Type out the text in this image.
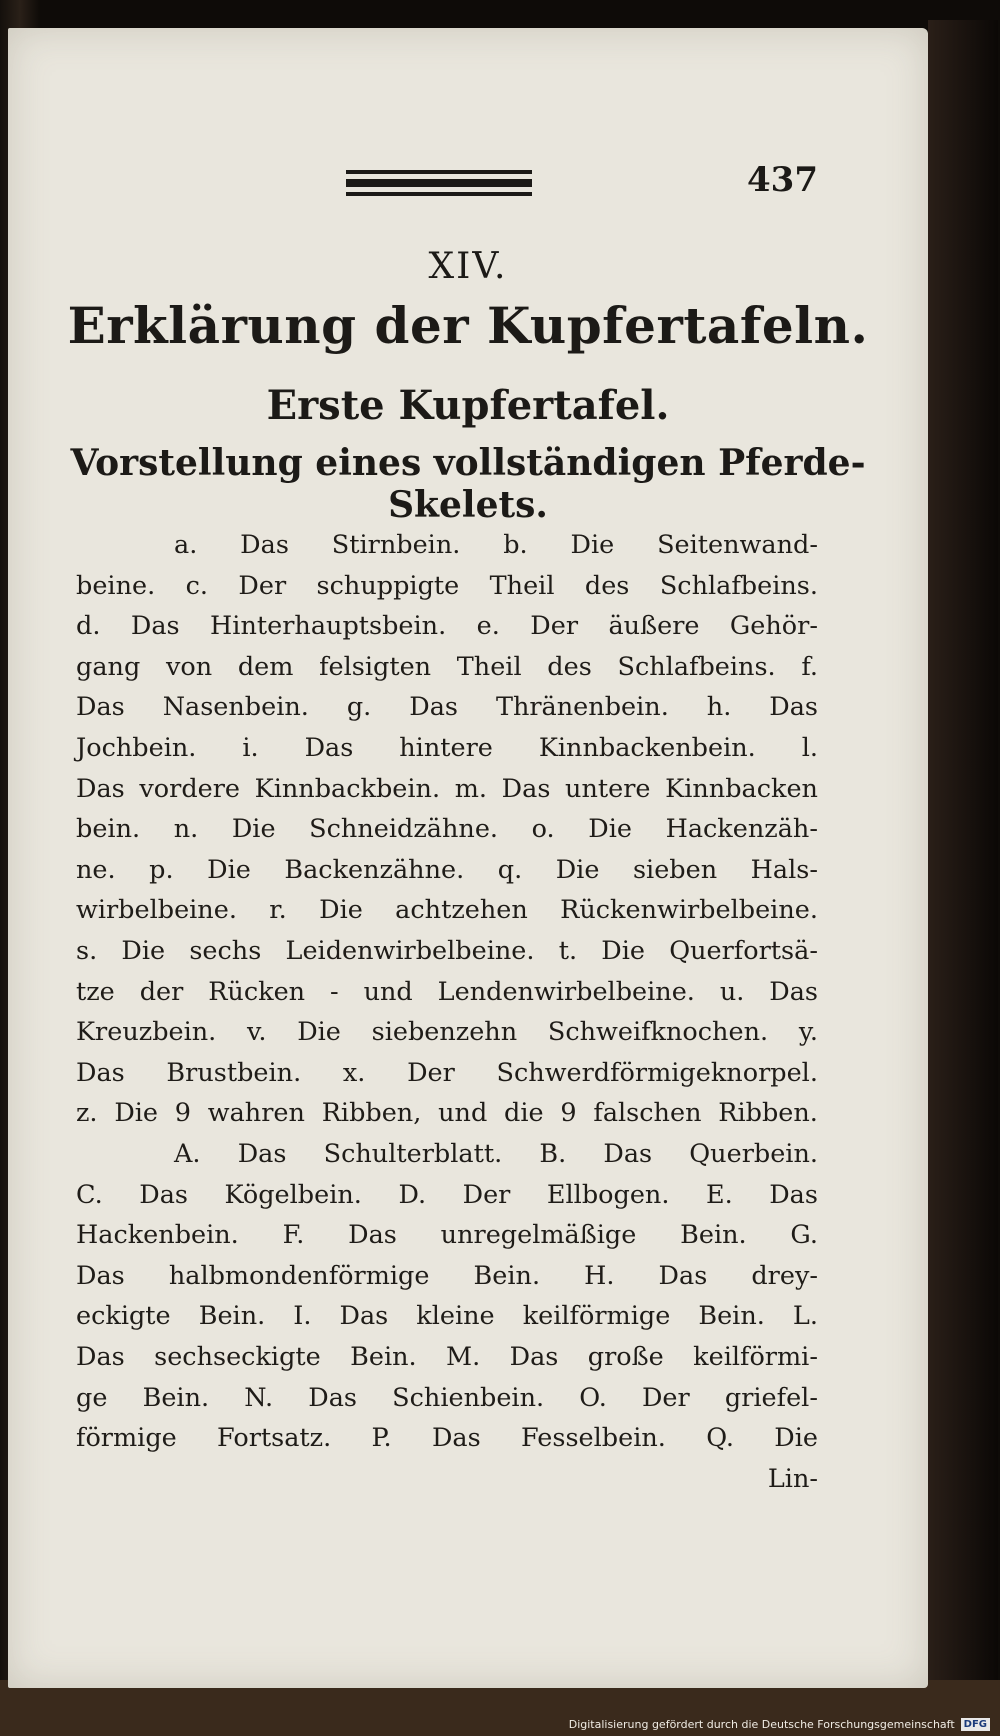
437
XIV.
Erklärung der Kupfertafeln.
Erste Kupfertafel.
Vorstellung eines vollständigen Pferde-
Skelets.
a. Das Stirnbein. b. Die Seitenwand-
beine. c. Der schuppigte Theil des Schlafbeins.
d. Das Hinterhauptsbein. e. Der äußere Gehör-
gang von dem felsigten Theil des Schlafbeins. f.
Das Nasenbein. g. Das Thränenbein. h. Das
Jochbein. i. Das hintere Kinnbackenbein. l.
Das vordere Kinnbackbein. m. Das untere Kinnbacken
bein. n. Die Schneidzähne. o. Die Hackenzäh-
ne. p. Die Backenzähne. q. Die sieben Hals-
wirbelbeine. r. Die achtzehen Rückenwirbelbeine.
s. Die sechs Leidenwirbelbeine. t. Die Querfortsä-
tze der Rücken - und Lendenwirbelbeine. u. Das
Kreuzbein. v. Die siebenzehn Schweifknochen. y.
Das Brustbein. x. Der Schwerdförmigeknorpel.
z. Die 9 wahren Ribben, und die 9 falschen Ribben.
A. Das Schulterblatt. B. Das Querbein.
C. Das Kögelbein. D. Der Ellbogen. E. Das
Hackenbein. F. Das unregelmäßige Bein. G.
Das halbmondenförmige Bein. H. Das drey-
eckigte Bein. I. Das kleine keilförmige Bein. L.
Das sechseckigte Bein. M. Das große keilförmi-
ge Bein. N. Das Schienbein. O. Der griefel-
förmige Fortsatz. P. Das Fesselbein. Q. Die
Lin-
Digitalisierung gefördert durch die Deutsche Forschungsgemeinschaft DFG
